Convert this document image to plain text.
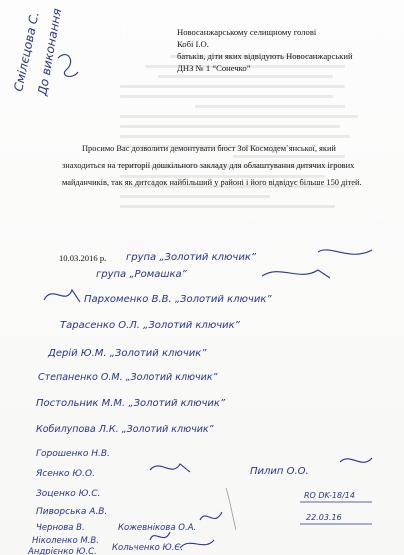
Новосанжарському селищному голові
Кобі І.О.
батьків, діти яких відвідують Новосанжарський
ДНЗ № 1 “Сонечко”

Просимо Вас дозволити демонтувати бюст Зої Космодем`янської, який знаходиться на території дошкільного закладу для облаштування дитячих ігрових майданчиків, так як дитсадок найбільший у районі і його відвідує більше 150 дітей.

10.03.2016 р.
Смілєцова С.
До виконання
група „Золотий ключик”
група „Ромашка”
Пархоменко В.В. „Золотий ключик”
Тарасенко О.Л. „Золотий ключик”
Дерій Ю.М. „Золотий ключик”
Степаненко О.М. „Золотий ключик”
Постольник М.М. „Золотий ключик”
Кобилупова Л.К. „Золотий ключик”
Горошенко Н.В.
Ясенко Ю.О.	Пилип О.О.
Зоценко Ю.С.
Пиворська А.В.
Чернова В.
Ніколенко М.В.
Андрієнко Ю.С.
Кожевнікова О.А.
Кольченко Ю.Є.
RO DK-18/14
22.03.16
